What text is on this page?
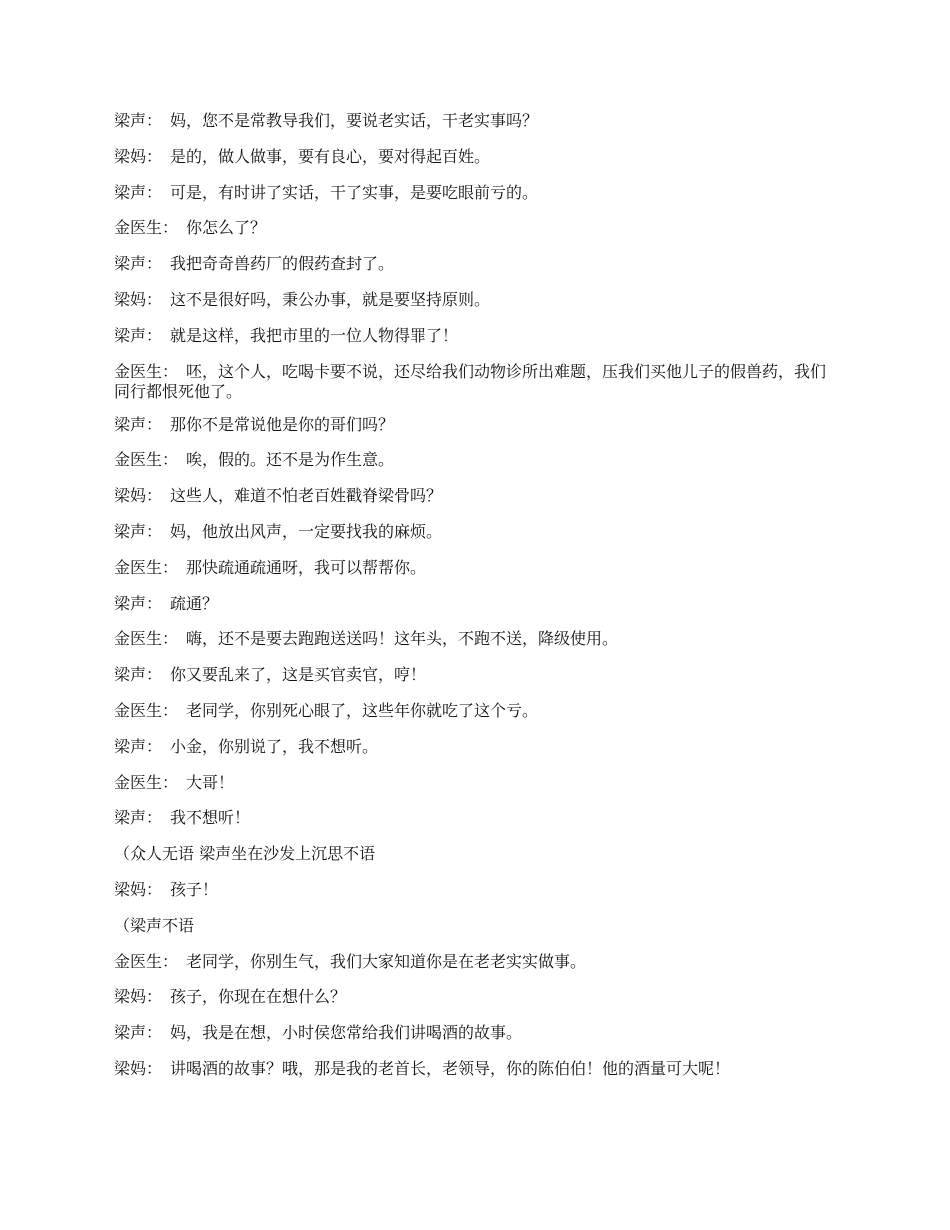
梁声： 妈，您不是常教导我们，要说老实话，干老实事吗？
梁妈： 是的，做人做事，要有良心，要对得起百姓。
梁声： 可是，有时讲了实话，干了实事，是要吃眼前亏的。
金医生： 你怎么了？
梁声： 我把奇奇兽药厂的假药查封了。
梁妈： 这不是很好吗，秉公办事，就是要坚持原则。
梁声： 就是这样，我把市里的一位人物得罪了！
金医生： 呸，这个人，吃喝卡要不说，还尽给我们动物诊所出难题，压我们买他儿子的假兽药，我们同行都恨死他了。
梁声： 那你不是常说他是你的哥们吗？
金医生： 唉，假的。还不是为作生意。
梁妈： 这些人，难道不怕老百姓戳脊梁骨吗？
梁声： 妈，他放出风声，一定要找我的麻烦。
金医生： 那快疏通疏通呀，我可以帮帮你。
梁声： 疏通？
金医生： 嗨，还不是要去跑跑送送吗！这年头，不跑不送，降级使用。
梁声： 你又要乱来了，这是买官卖官，哼！
金医生： 老同学，你别死心眼了，这些年你就吃了这个亏。
梁声： 小金，你别说了，我不想听。
金医生： 大哥！
梁声： 我不想听！
（众人无语 梁声坐在沙发上沉思不语
梁妈： 孩子！
（梁声不语
金医生： 老同学，你别生气，我们大家知道你是在老老实实做事。
梁妈： 孩子，你现在在想什么？
梁声： 妈，我是在想，小时侯您常给我们讲喝酒的故事。
梁妈： 讲喝酒的故事？哦，那是我的老首长，老领导，你的陈伯伯！他的酒量可大呢！
